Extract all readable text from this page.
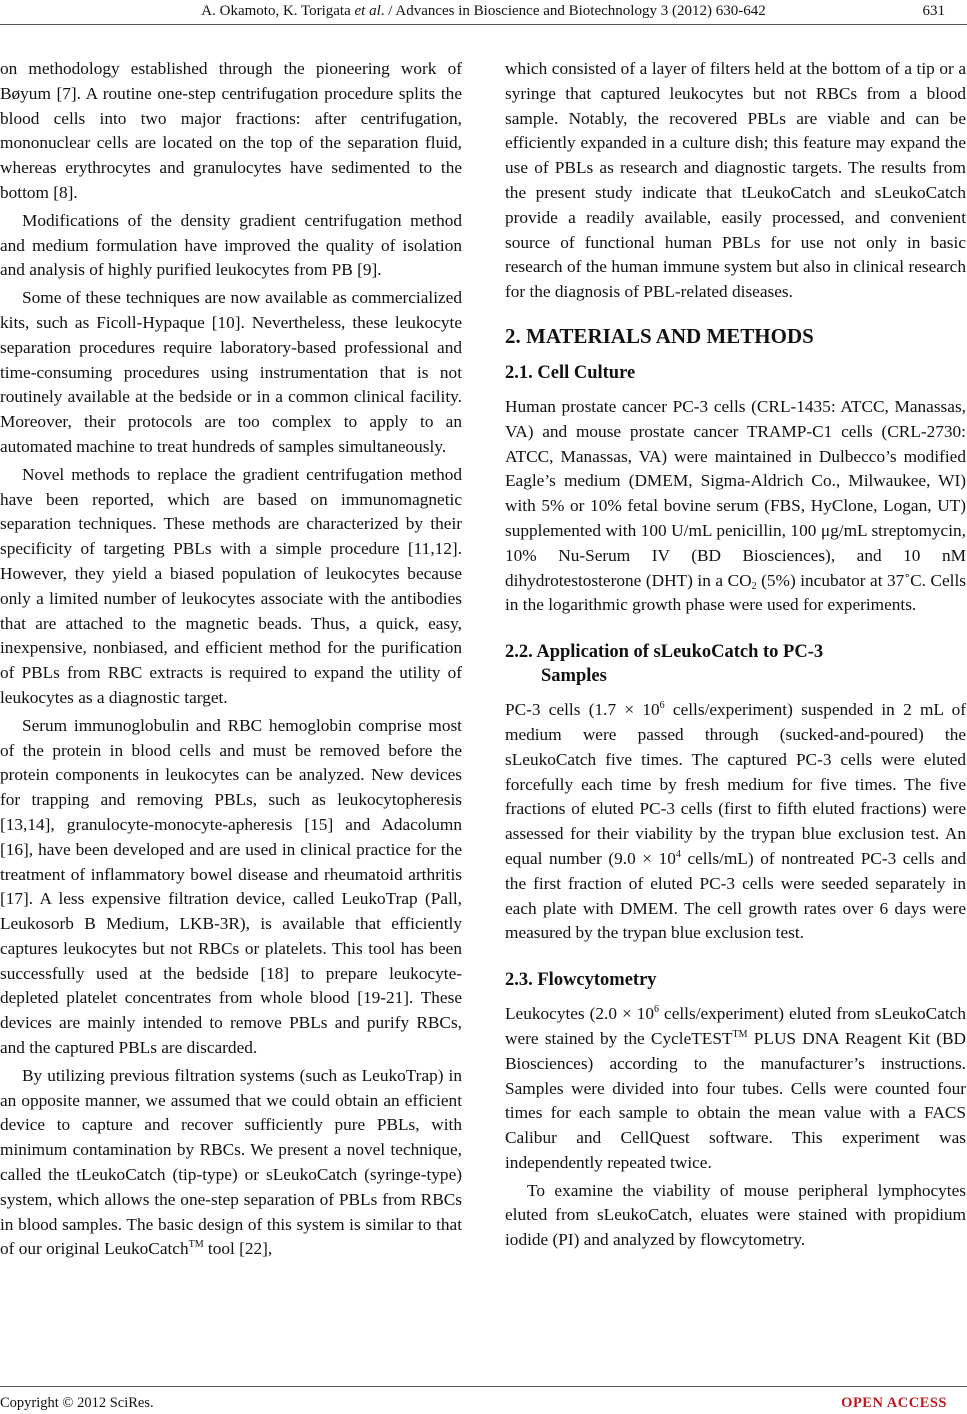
A. Okamoto, K. Torigata et al. / Advances in Bioscience and Biotechnology 3 (2012) 630-642	631

on methodology established through the pioneering work of Bøyum [7]. A routine one-step centrifugation procedure splits the blood cells into two major fractions: after centrifugation, mononuclear cells are located on the top of the separation fluid, whereas erythrocytes and granulocytes have sedimented to the bottom [8].

Modifications of the density gradient centrifugation method and medium formulation have improved the quality of isolation and analysis of highly purified leukocytes from PB [9].

Some of these techniques are now available as commercialized kits, such as Ficoll-Hypaque [10]. Nevertheless, these leukocyte separation procedures require laboratory-based professional and time-consuming procedures using instrumentation that is not routinely available at the bedside or in a common clinical facility. Moreover, their protocols are too complex to apply to an automated machine to treat hundreds of samples simultaneously.

Novel methods to replace the gradient centrifugation method have been reported, which are based on immunomagnetic separation techniques. These methods are characterized by their specificity of targeting PBLs with a simple procedure [11,12]. However, they yield a biased population of leukocytes because only a limited number of leukocytes associate with the antibodies that are attached to the magnetic beads. Thus, a quick, easy, inexpensive, nonbiased, and efficient method for the purification of PBLs from RBC extracts is required to expand the utility of leukocytes as a diagnostic target.

Serum immunoglobulin and RBC hemoglobin comprise most of the protein in blood cells and must be removed before the protein components in leukocytes can be analyzed. New devices for trapping and removing PBLs, such as leukocytopheresis [13,14], granulocyte-monocyte-apheresis [15] and Adacolumn [16], have been developed and are used in clinical practice for the treatment of inflammatory bowel disease and rheumatoid arthritis [17]. A less expensive filtration device, called LeukoTrap (Pall, Leukosorb B Medium, LKB-3R), is available that efficiently captures leukocytes but not RBCs or platelets. This tool has been successfully used at the bedside [18] to prepare leukocyte-depleted platelet concentrates from whole blood [19-21]. These devices are mainly intended to remove PBLs and purify RBCs, and the captured PBLs are discarded.

By utilizing previous filtration systems (such as LeukoTrap) in an opposite manner, we assumed that we could obtain an efficient device to capture and recover sufficiently pure PBLs, with minimum contamination by RBCs. We present a novel technique, called the tLeukoCatch (tip-type) or sLeukoCatch (syringe-type) system, which allows the one-step separation of PBLs from RBCs in blood samples. The basic design of this system is similar to that of our original LeukoCatch™ tool [22],

which consisted of a layer of filters held at the bottom of a tip or a syringe that captured leukocytes but not RBCs from a blood sample. Notably, the recovered PBLs are viable and can be efficiently expanded in a culture dish; this feature may expand the use of PBLs as research and diagnostic targets. The results from the present study indicate that tLeukoCatch and sLeukoCatch provide a readily available, easily processed, and convenient source of functional human PBLs for use not only in basic research of the human immune system but also in clinical research for the diagnosis of PBL-related diseases.

2. MATERIALS AND METHODS
2.1. Cell Culture

Human prostate cancer PC-3 cells (CRL-1435: ATCC, Manassas, VA) and mouse prostate cancer TRAMP-C1 cells (CRL-2730: ATCC, Manassas, VA) were maintained in Dulbecco’s modified Eagle’s medium (DMEM, Sigma-Aldrich Co., Milwaukee, WI) with 5% or 10% fetal bovine serum (FBS, HyClone, Logan, UT) supplemented with 100 U/mL penicillin, 100 μg/mL streptomycin, 10% Nu-Serum IV (BD Biosciences), and 10 nM dihydrotestosterone (DHT) in a $CO_2$ (5%) incubator at 37˚C. Cells in the logarithmic growth phase were used for experiments.

2.2. Application of sLeukoCatch to PC-3
Samples

PC-3 cells ($1.7 \times 10^6$ cells/experiment) suspended in 2 mL of medium were passed through (sucked-and-poured) the sLeukoCatch five times. The captured PC-3 cells were eluted forcefully each time by fresh medium for five times. The five fractions of eluted PC-3 cells (first to fifth eluted fractions) were assessed for their viability by the trypan blue exclusion test. An equal number ($9.0 \times 10^4$ cells/mL) of nontreated PC-3 cells and the first fraction of eluted PC-3 cells were seeded separately in each plate with DMEM. The cell growth rates over 6 days were measured by the trypan blue exclusion test.

2.3. Flowcytometry

Leukocytes ($2.0 \times 10^6$ cells/experiment) eluted from sLeukoCatch were stained by the CycleTEST™ PLUS DNA Reagent Kit (BD Biosciences) according to the manufacturer’s instructions. Samples were divided into four tubes. Cells were counted four times for each sample to obtain the mean value with a FACS Calibur and CellQuest software. This experiment was independently repeated twice.

To examine the viability of mouse peripheral lymphocytes eluted from sLeukoCatch, eluates were stained with propidium iodide (PI) and analyzed by flowcytometry.

Copyright © 2012 SciRes.	OPEN ACCESS
